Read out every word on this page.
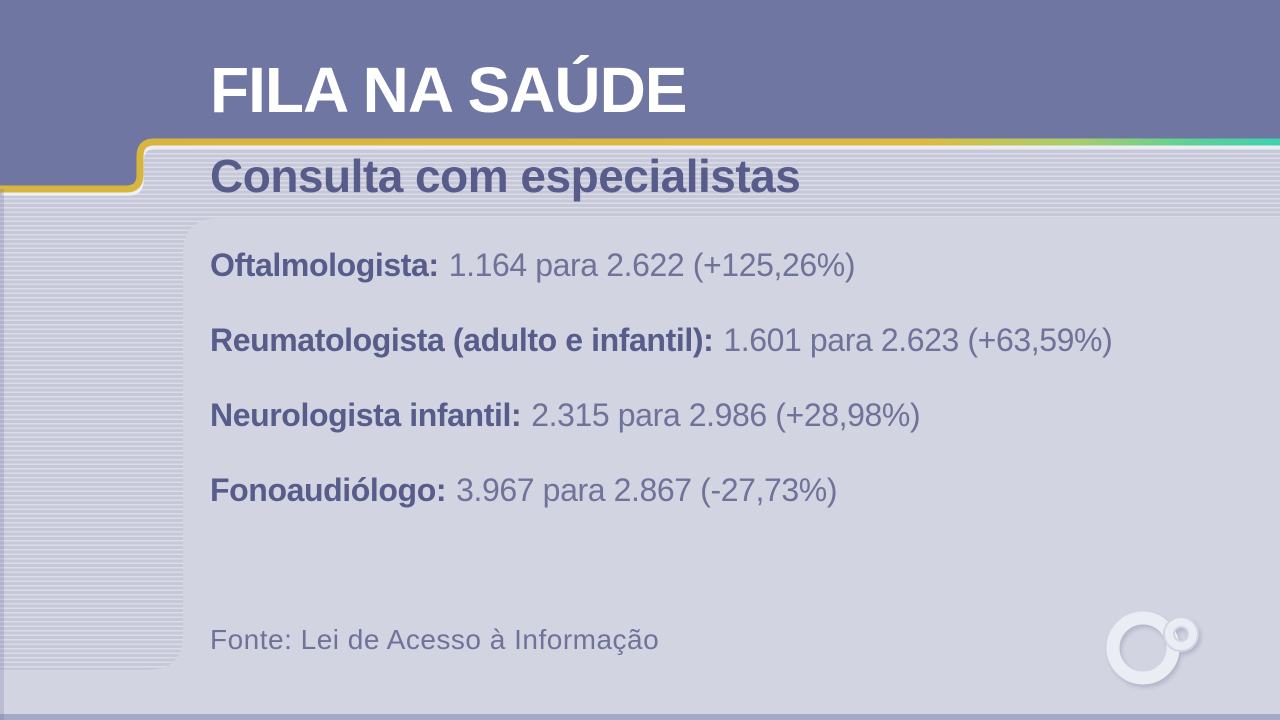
FILA NA SAÚDE
Consulta com especialistas
Oftalmologista: 1.164 para 2.622 (+125,26%)
Reumatologista (adulto e infantil): 1.601 para 2.623 (+63,59%)
Neurologista infantil: 2.315 para 2.986 (+28,98%)
Fonoaudiólogo: 3.967 para 2.867 (-27,73%)
Fonte: Lei de Acesso à Informação
